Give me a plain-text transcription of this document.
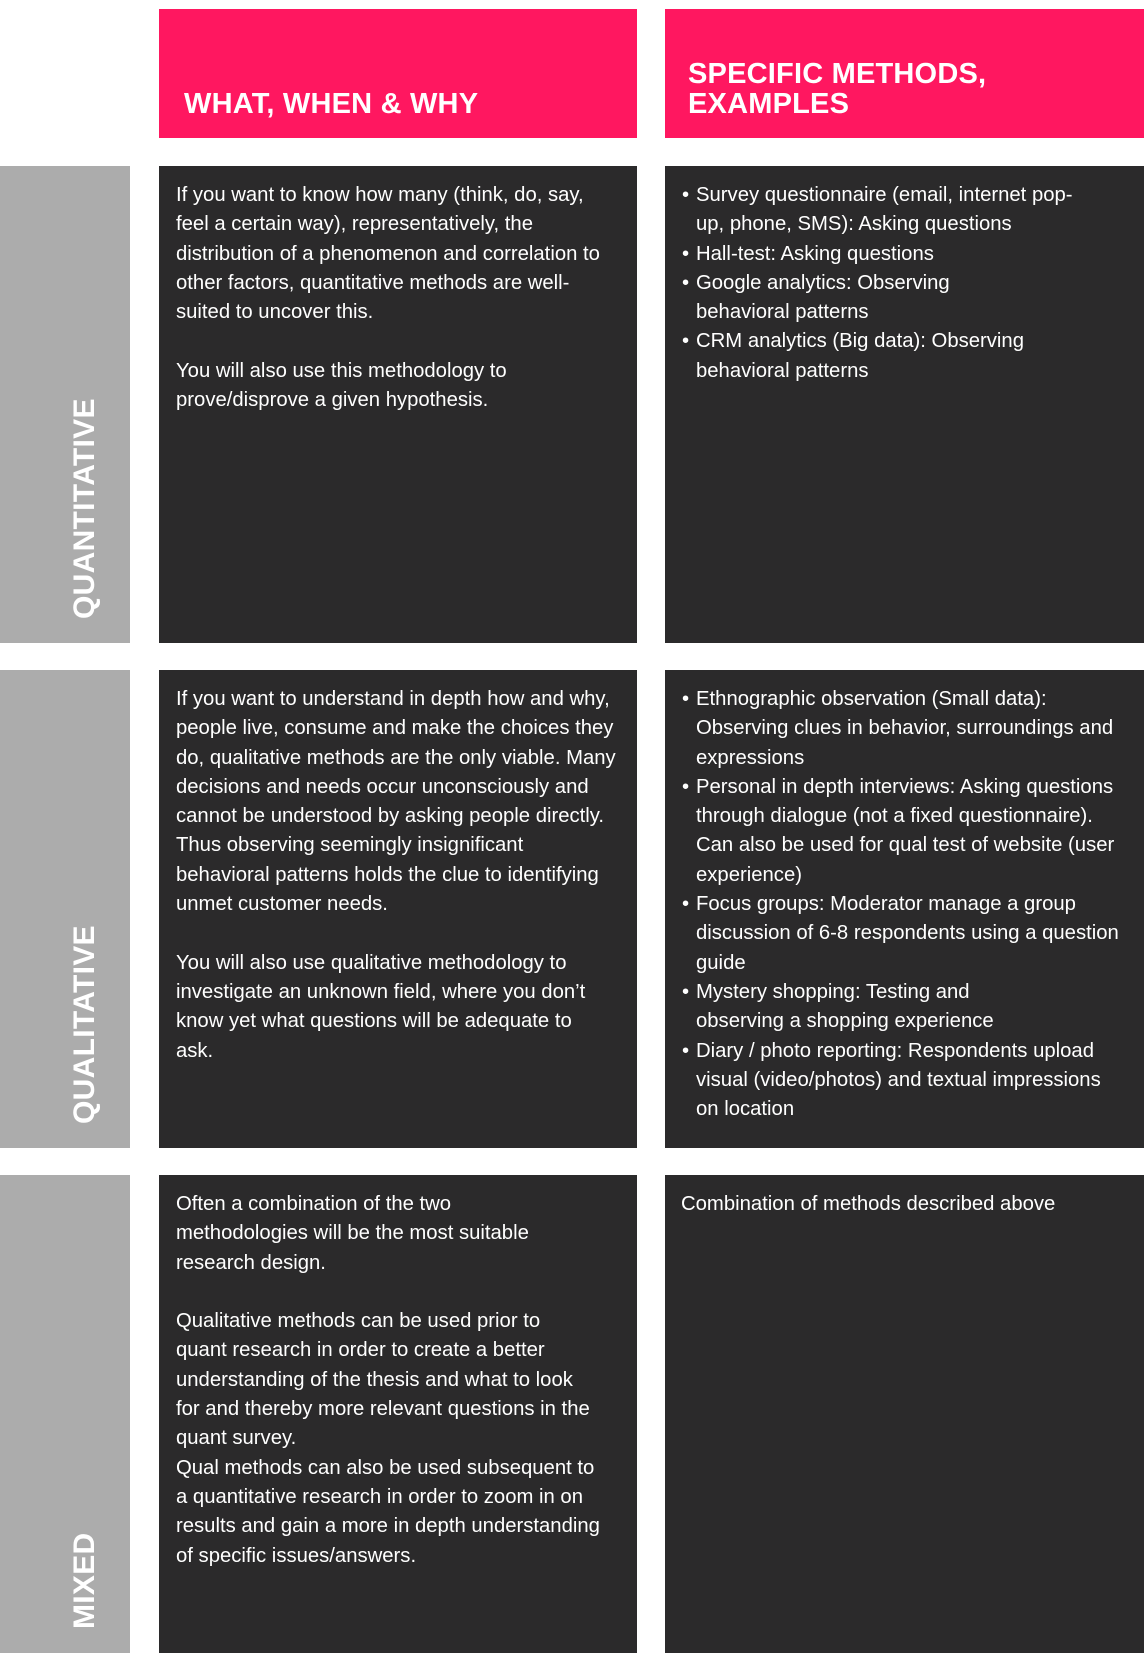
WHAT, WHEN & WHY
SPECIFIC METHODS, EXAMPLES
QUANTITATIVE

If you want to know how many (think, do, say, feel a certain way), representatively, the distribution of a phenomenon and correlation to other factors, quantitative methods are well-suited to uncover this.

You will also use this methodology to prove/disprove a given hypothesis.

• Survey questionnaire (email, internet pop-up, phone, SMS): Asking questions
• Hall-test: Asking questions
• Google analytics: Observing behavioral patterns
• CRM analytics (Big data): Observing behavioral patterns
QUALITATIVE

If you want to understand in depth how and why, people live, consume and make the choices they do, qualitative methods are the only viable. Many decisions and needs occur unconsciously and cannot be understood by asking people directly. Thus observing seemingly insignificant behavioral patterns holds the clue to identifying unmet customer needs.

You will also use qualitative methodology to investigate an unknown field, where you don’t know yet what questions will be adequate to ask.

• Ethnographic observation (Small data): Observing clues in behavior, surroundings and expressions
• Personal in depth interviews: Asking questions through dialogue (not a fixed questionnaire). Can also be used for qual test of website (user experience)
• Focus groups: Moderator manage a group discussion of 6-8 respondents using a question guide
• Mystery shopping: Testing and observing a shopping experience
• Diary / photo reporting: Respondents upload visual (video/photos) and textual impressions on location
MIXED

Often a combination of the two methodologies will be the most suitable research design.

Qualitative methods can be used prior to quant research in order to create a better understanding of the thesis and what to look for and thereby more relevant questions in the quant survey.

Qual methods can also be used subsequent to a quantitative research in order to zoom in on results and gain a more in depth understanding of specific issues/answers.

Combination of methods described above
